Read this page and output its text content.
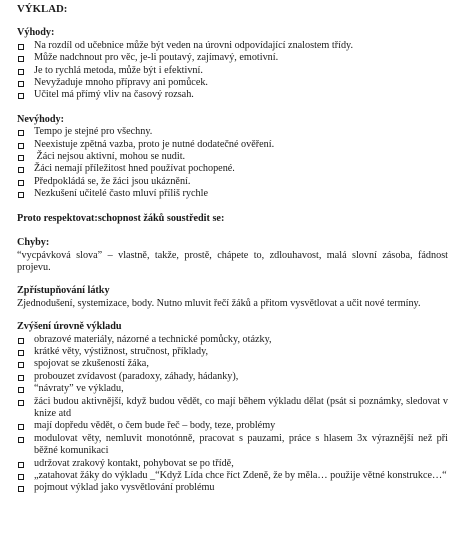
VÝKLAD:

Výhody:

Na rozdíl od učebnice může být veden na úrovni odpovídající znalostem třídy.
Může nadchnout pro věc, je-li poutavý, zajímavý, emotivní.
Je to rychlá metoda, může být i efektivní.
Nevyžaduje mnoho přípravy ani pomůcek.
Učitel má přímý vliv na časový rozsah.

Nevýhody:

Tempo je stejné pro všechny.
Neexistuje zpětná vazba, proto je nutné dodatečné ověření.
Žáci nejsou aktivní, mohou se nudit.
Žáci nemají příležitost hned používat pochopené.
Předpokládá se, že žáci jsou ukáznění.
Nezkušení učitelé často mluví příliš rychle

Proto respektovat:schopnost žáků soustředit se:

Chyby:

“vycpávková slova” – vlastně, takže, prostě, chápete to, zdlouhavost, malá slovní zásoba, fádnost projevu.

Zpřístupňování látky

Zjednodušení, systemizace, body. Nutno mluvit řečí žáků a přitom vysvětlovat a učit nové termíny.

Zvýšení úrovně výkladu

obrazové materiály, názorné a technické pomůcky, otázky,
krátké věty, výstižnost, stručnost, příklady,
spojovat se zkušeností žáka,
probouzet zvídavost (paradoxy, záhady, hádanky),
“návraty” ve výkladu,
žáci budou aktivnější, když budou vědět, co mají během výkladu dělat (psát si poznámky, sledovat v knize atd
mají dopředu vědět, o čem bude řeč – body, teze, problémy
modulovat věty, nemluvit monotónně, pracovat s pauzami, práce s hlasem 3x výraznější než při běžné komunikaci
udržovat zrakový kontakt, pohybovat se po třídě,
„zatahovat žáky do výkladu _“Když Lída chce říct Zdeně, že by měla… použije větné konstrukce…“
pojmout výklad jako vysvětlování problému
